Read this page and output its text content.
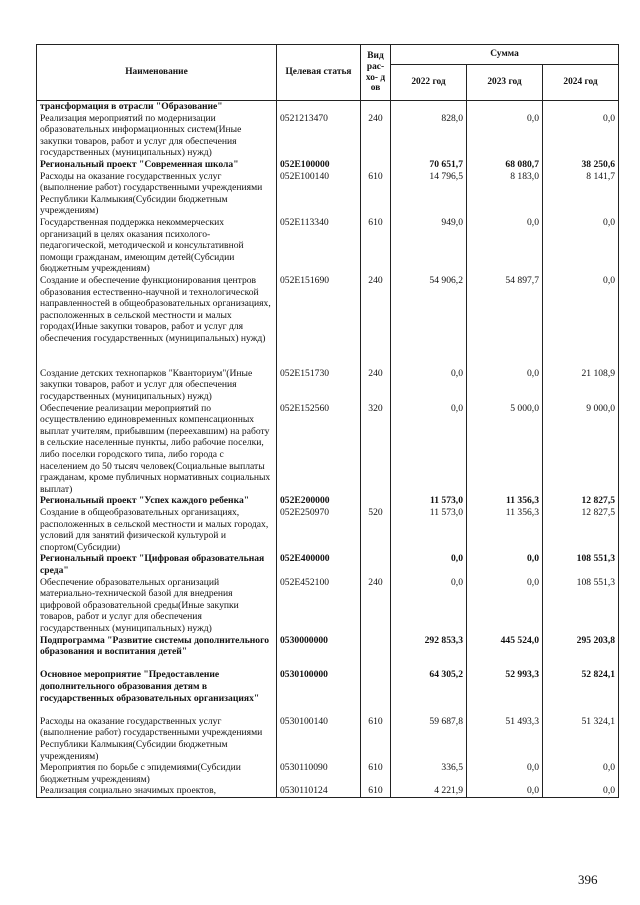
Наименование	Целевая статья	Вид рас- хо- дов	Сумма		
			2022 год	2023 год	2024 год
трансформация в отрасли "Образование"					
Реализация мероприятий по модернизации образовательных информационных систем(Иные закупки товаров, работ и услуг для обеспечения государственных (муниципальных) нужд)	0521213470	240	828,0	0,0	0,0
Региональный проект "Современная школа"	052E100000		70 651,7	68 080,7	38 250,6
Расходы на оказание государственных услуг (выполнение работ) государственными учреждениями Республики Калмыкия(Субсидии бюджетным учреждениям)	052E100140	610	14 796,5	8 183,0	8 141,7
Государственная поддержка некоммерческих организаций в целях оказания психолого-педагогической, методической и консультативной помощи гражданам, имеющим детей(Субсидии бюджетным учреждениям)	052E113340	610	949,0	0,0	0,0
Создание и обеспечение функционирования центров образования естественно-научной и технологической направленностей в общеобразовательных организациях, расположенных в сельской местности и малых городах(Иные закупки товаров, работ и услуг для обеспечения государственных (муниципальных) нужд)	052E151690	240	54 906,2	54 897,7	0,0
Создание детских технопарков "Кванториум"(Иные закупки товаров, работ и услуг для обеспечения государственных (муниципальных) нужд)	052E151730	240	0,0	0,0	21 108,9
Обеспечение реализации мероприятий по осуществлению единовременных компенсационных выплат учителям, прибывшим (переехавшим) на работу в сельские населенные пункты, либо рабочие поселки, либо поселки городского типа, либо города с населением до 50 тысяч человек(Социальные выплаты гражданам, кроме публичных нормативных социальных выплат)	052E152560	320	0,0	5 000,0	9 000,0
Региональный проект "Успех каждого ребенка"	052E200000		11 573,0	11 356,3	12 827,5
Создание в общеобразовательных организациях, расположенных в сельской местности и малых городах, условий для занятий физической культурой и спортом(Субсидии)	052E250970	520	11 573,0	11 356,3	12 827,5
Региональный проект "Цифровая образовательная среда"	052E400000		0,0	0,0	108 551,3
Обеспечение образовательных организаций материально-технической базой для внедрения цифровой образовательной среды(Иные закупки товаров, работ и услуг для обеспечения государственных (муниципальных) нужд)	052E452100	240	0,0	0,0	108 551,3
Подпрограмма "Развитие системы дополнительного образования и воспитания детей"	0530000000		292 853,3	445 524,0	295 203,8
Основное мероприятие "Предоставление дополнительного образования детям в государственных образовательных организациях"	0530100000		64 305,2	52 993,3	52 824,1
Расходы на оказание государственных услуг (выполнение работ) государственными учреждениями Республики Калмыкия(Субсидии бюджетным учреждениям)	0530100140	610	59 687,8	51 493,3	51 324,1
Мероприятия по борьбе с эпидемиями(Субсидии бюджетным учреждениям)	0530110090	610	336,5	0,0	0,0
Реализация социально значимых проектов,	0530110124	610	4 221,9	0,0	0,0
396
